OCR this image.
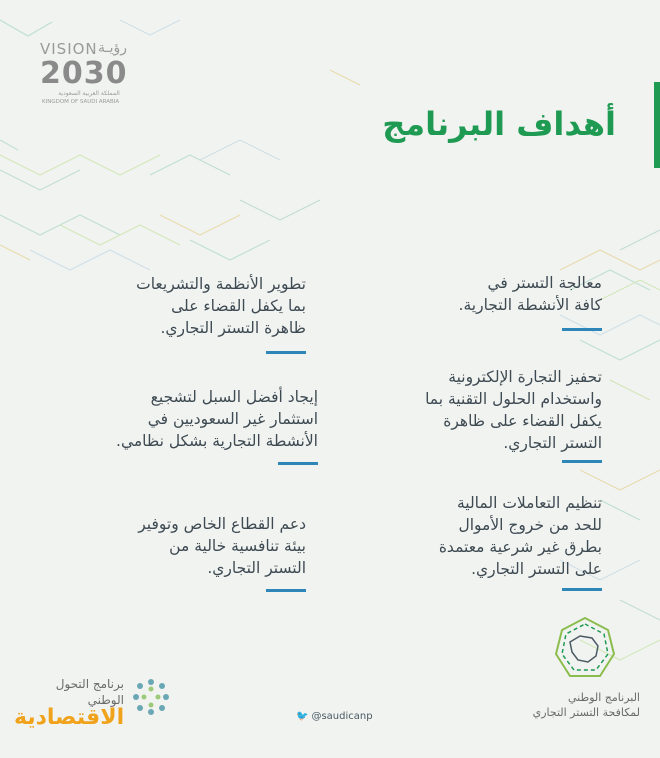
VISION رؤيـة
2030
المملكة العربية السعودية
KINGDOM OF SAUDI ARABIA
أهداف البرنامج
معالجة التستر في
كافة الأنشطة التجارية.
تحفيز التجارة الإلكترونية
واستخدام الحلول التقنية بما
يكفل القضاء على ظاهرة
التستر التجاري.
تنظيم التعاملات المالية
للحد من خروج الأموال
بطرق غير شرعية معتمدة
على التستر التجاري.
تطوير الأنظمة والتشريعات
بما يكفل القضاء على
ظاهرة التستر التجاري.
إيجاد أفضل السبل لتشجيع
استثمار غير السعوديين في
الأنشطة التجارية بشكل نظامي.
دعم القطاع الخاص وتوفير
بيئة تنافسية خالية من
التستر التجاري.
البرنامج الوطني
لمكافحة التستر التجاري
🐦 @saudicanp
برنامج التحول
الوطني
الاقتصادية
